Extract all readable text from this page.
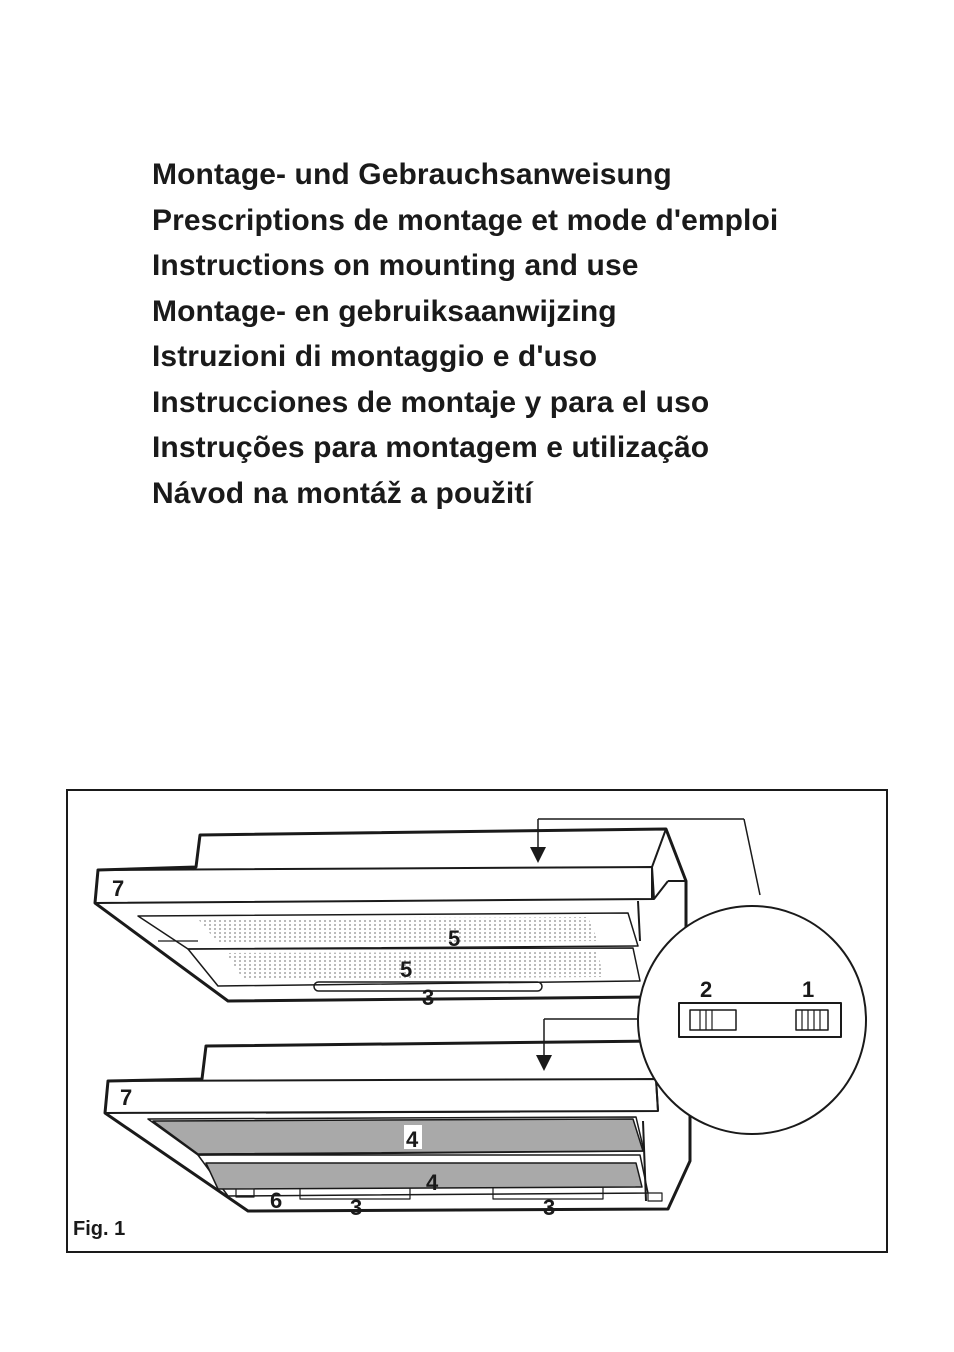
Montage- und Gebrauchsanweisung
Prescriptions de montage et mode d'emploi
Instructions on mounting and use
Montage- en gebruiksaanwijzing
Istruzioni di montaggio e d'uso
Instrucciones de montaje y para el uso
Instruções para montagem e utilização
Návod na montáž a použití
7
5
5
3	2	1
7
4
4
6	3	3
Fig. 1
